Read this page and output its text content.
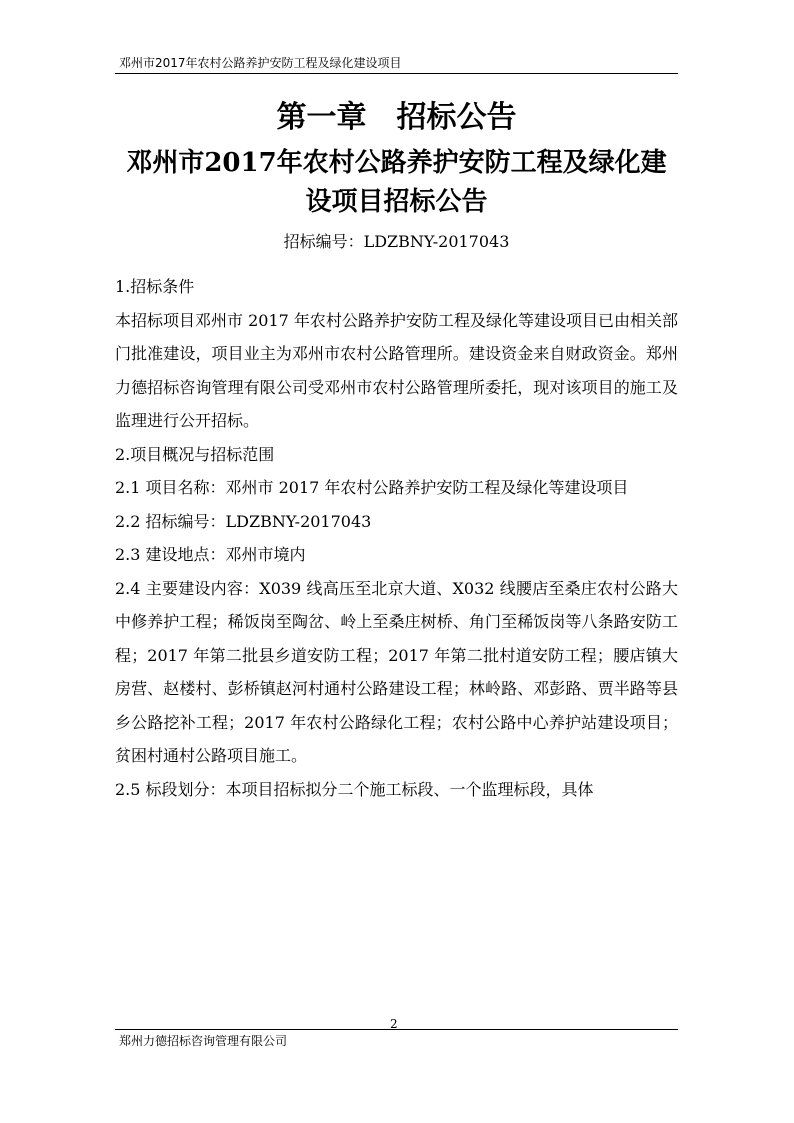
邓州市2017年农村公路养护安防工程及绿化建设项目
第一章　招标公告
邓州市2017年农村公路养护安防工程及绿化建
设项目招标公告
招标编号：LDZBNY-2017043

1.招标条件

本招标项目邓州市 2017 年农村公路养护安防工程及绿化等建设项目已由相关部门批准建设，项目业主为邓州市农村公路管理所。建设资金来自财政资金。郑州力德招标咨询管理有限公司受邓州市农村公路管理所委托，现对该项目的施工及监理进行公开招标。

2.项目概况与招标范围

2.1 项目名称：邓州市 2017 年农村公路养护安防工程及绿化等建设项目

2.2 招标编号：LDZBNY-2017043

2.3 建设地点：邓州市境内

2.4 主要建设内容：X039 线高压至北京大道、X032 线腰店至桑庄农村公路大中修养护工程；稀饭岗至陶岔、岭上至桑庄树桥、角门至稀饭岗等八条路安防工程；2017 年第二批县乡道安防工程；2017 年第二批村道安防工程；腰店镇大房营、赵楼村、彭桥镇赵河村通村公路建设工程；林岭路、邓彭路、贾半路等县乡公路挖补工程；2017 年农村公路绿化工程；农村公路中心养护站建设项目；贫困村通村公路项目施工。

2.5 标段划分：本项目招标拟分二个施工标段、一个监理标段，具体

2
郑州力德招标咨询管理有限公司
